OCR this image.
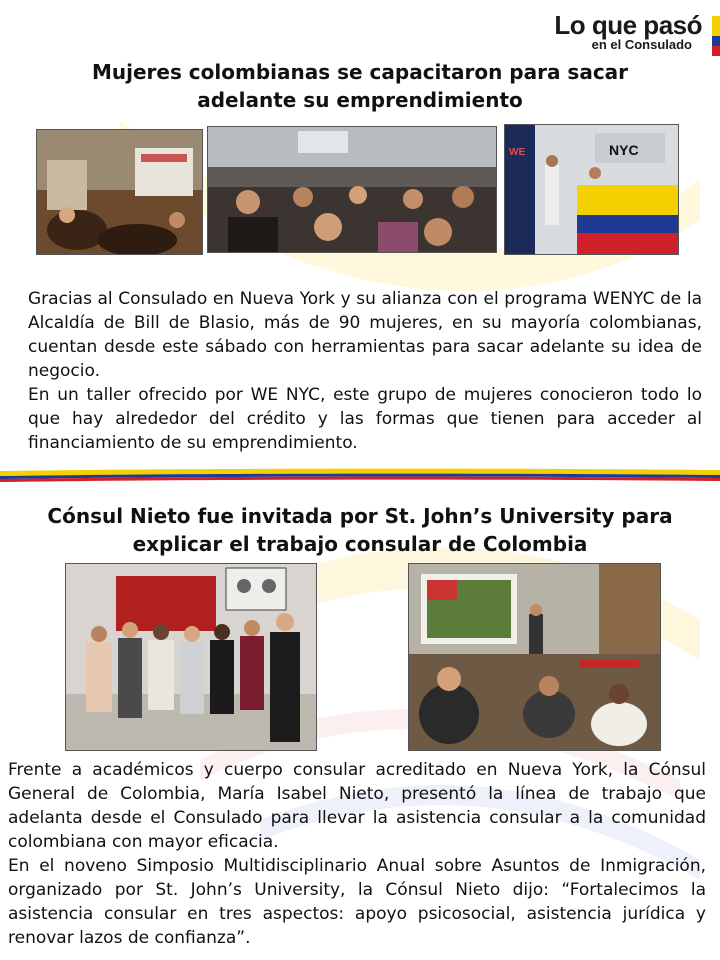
Lo que pasó
en el Consulado
Mujeres colombianas se capacitaron para sacar adelante su emprendimiento
WE	NYC

Gracias al Consulado en Nueva York y su alianza con el programa WENYC de la Alcaldía de Bill de Blasio, más de 90 mujeres, en su mayoría colombianas, cuentan desde este sábado con herramientas para sacar adelante su idea de negocio.

En un taller ofrecido por WE NYC, este grupo de mujeres conocieron todo lo que hay alrededor del crédito y las formas que tienen para acceder al financiamiento de su emprendimiento.

Cónsul Nieto fue invitada por St. John’s University para explicar el trabajo consular de Colombia

Frente a académicos y cuerpo consular acreditado en Nueva York, la Cónsul General de Colombia, María Isabel Nieto, presentó la línea de trabajo que adelanta desde el Consulado para llevar la asistencia consular a la comunidad colombiana con mayor eficacia.

En el noveno Simposio Multidisciplinario Anual sobre Asuntos de Inmigración, organizado por St. John’s University, la Cónsul Nieto dijo: “Fortalecimos la asistencia consular en tres aspectos: apoyo psicosocial, asistencia jurídica y renovar lazos de confianza”.
